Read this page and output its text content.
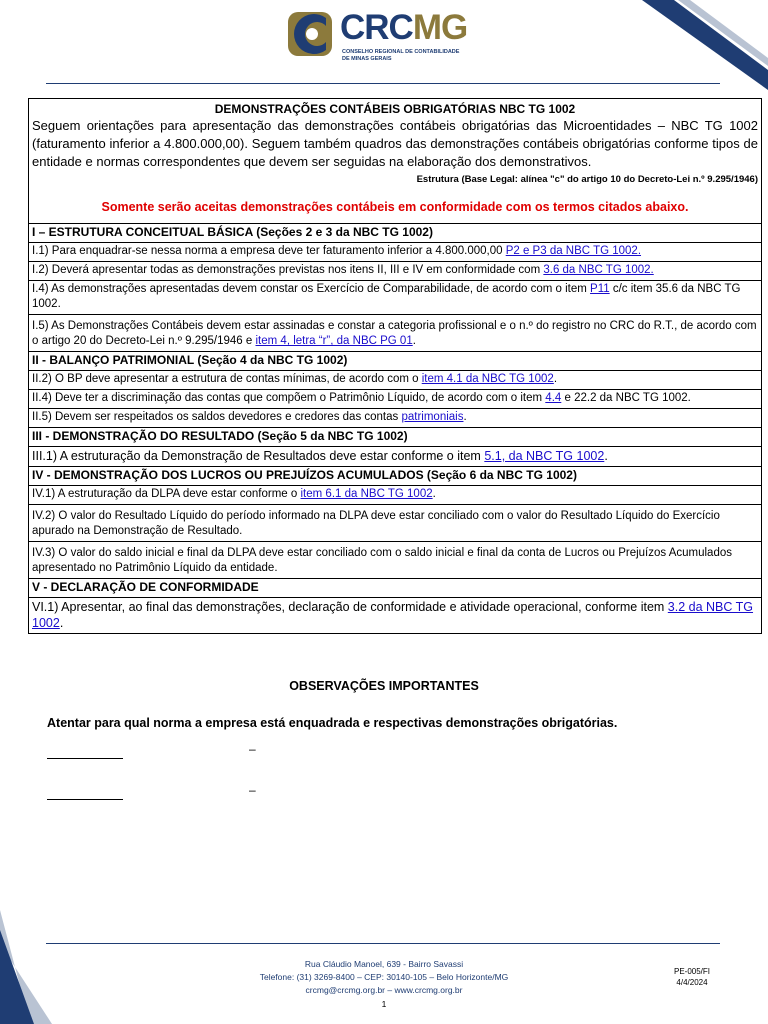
CRCMG
CONSELHO REGIONAL DE CONTABILIDADE
DE MINAS GERAIS
DEMONSTRAÇÕES CONTÁBEIS OBRIGATÓRIAS NBC TG 1002
Seguem orientações para apresentação das demonstrações contábeis obrigatórias das Microentidades – NBC TG 1002 (faturamento inferior a 4.800.000,00). Seguem também quadros das demonstrações contábeis obrigatórias conforme tipos de entidade e normas correspondentes que devem ser seguidas na elaboração dos demonstrativos.
Estrutura (Base Legal: alínea "c" do artigo 10 do Decreto-Lei n.º 9.295/1946)
Somente serão aceitas demonstrações contábeis em conformidade com os termos citados abaixo.
I – ESTRUTURA CONCEITUAL BÁSICA (Seções 2 e 3 da NBC TG 1002)
I.1) Para enquadrar-se nessa norma a empresa deve ter faturamento inferior a 4.800.000,00 P2 e P3 da NBC TG 1002.
I.2) Deverá apresentar todas as demonstrações previstas nos itens II, III e IV em conformidade com 3.6 da NBC TG 1002.
I.4) As demonstrações apresentadas devem constar os Exercício de Comparabilidade, de acordo com o item P11 c/c item 35.6 da NBC TG 1002.
I.5) As Demonstrações Contábeis devem estar assinadas e constar a categoria profissional e o n.º do registro no CRC do R.T., de acordo com o artigo 20 do Decreto-Lei n.º 9.295/1946 e item 4, letra “r”, da NBC PG 01.
II - BALANÇO PATRIMONIAL (Seção 4 da NBC TG 1002)
II.2) O BP deve apresentar a estrutura de contas mínimas, de acordo com o item 4.1 da NBC TG 1002.
II.4) Deve ter a discriminação das contas que compõem o Patrimônio Líquido, de acordo com o item 4.4 e 22.2 da NBC TG 1002.
II.5) Devem ser respeitados os saldos devedores e credores das contas patrimoniais.
III - DEMONSTRAÇÃO DO RESULTADO (Seção 5 da NBC TG 1002)
III.1) A estruturação da Demonstração de Resultados deve estar conforme o item 5.1, da NBC TG 1002.
IV - DEMONSTRAÇÃO DOS LUCROS OU PREJUÍZOS ACUMULADOS (Seção 6 da NBC TG 1002)
IV.1) A estruturação da DLPA deve estar conforme o item 6.1 da NBC TG 1002.
IV.2) O valor do Resultado Líquido do período informado na DLPA deve estar conciliado com o valor do Resultado Líquido do Exercício apurado na Demonstração de Resultado.
IV.3) O valor do saldo inicial e final da DLPA deve estar conciliado com o saldo inicial e final da conta de Lucros ou Prejuízos Acumulados apresentado no Patrimônio Líquido da entidade.
V - DECLARAÇÃO DE CONFORMIDADE
VI.1) Apresentar, ao final das demonstrações, declaração de conformidade e atividade operacional, conforme item 3.2 da NBC TG 1002.
OBSERVAÇÕES IMPORTANTES
Atentar para qual norma a empresa está enquadrada e respectivas demonstrações obrigatórias.
–
–
Rua Cláudio Manoel, 639 - Bairro Savassi
Telefone: (31) 3269-8400 – CEP: 30140-105 – Belo Horizonte/MG
crcmg@crcmg.org.br – www.crcmg.org.br
1
PE-005/FI
4/4/2024
